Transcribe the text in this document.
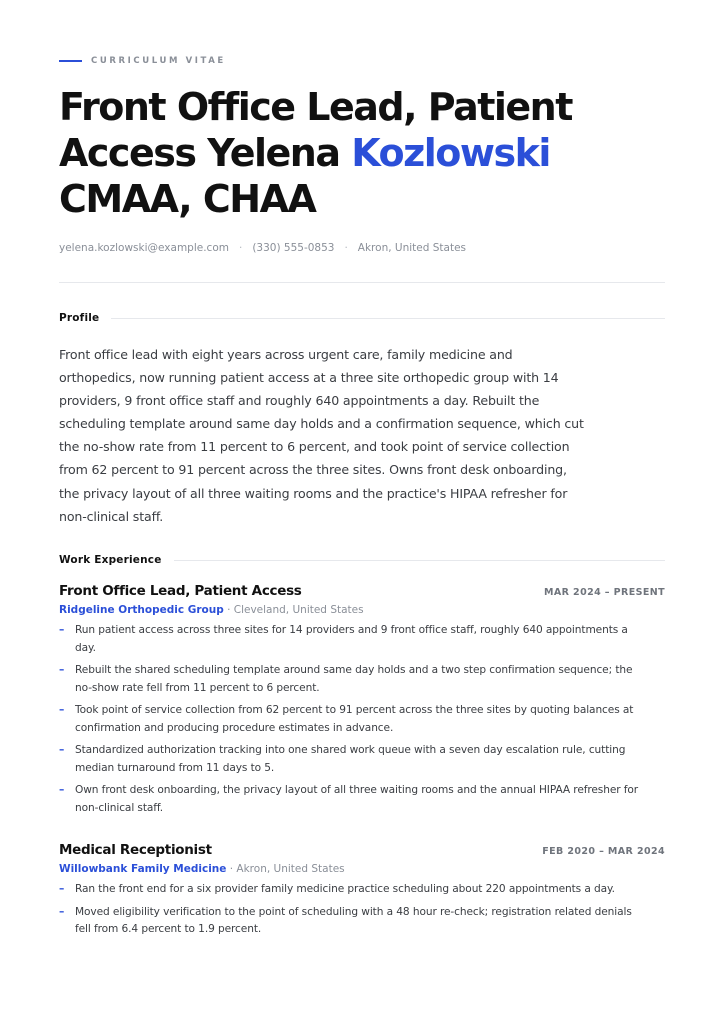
CURRICULUM VITAE
Front Office Lead, Patient Access Yelena Kozlowski CMAA, CHAA
yelena.kozlowski@example.com · (330) 555-0853 · Akron, United States
Profile

Front office lead with eight years across urgent care, family medicine and orthopedics, now running patient access at a three site orthopedic group with 14 providers, 9 front office staff and roughly 640 appointments a day. Rebuilt the scheduling template around same day holds and a confirmation sequence, which cut the no-show rate from 11 percent to 6 percent, and took point of service collection from 62 percent to 91 percent across the three sites. Owns front desk onboarding, the privacy layout of all three waiting rooms and the practice's HIPAA refresher for non-clinical staff.

Work Experience
Front Office Lead, Patient Access	MAR 2024 – PRESENT
Ridgeline Orthopedic Group · Cleveland, United States
– Run patient access across three sites for 14 providers and 9 front office staff, roughly 640 appointments a day.
– Rebuilt the shared scheduling template around same day holds and a two step confirmation sequence; the no-show rate fell from 11 percent to 6 percent.
– Took point of service collection from 62 percent to 91 percent across the three sites by quoting balances at confirmation and producing procedure estimates in advance.
– Standardized authorization tracking into one shared work queue with a seven day escalation rule, cutting median turnaround from 11 days to 5.
– Own front desk onboarding, the privacy layout of all three waiting rooms and the annual HIPAA refresher for non-clinical staff.
Medical Receptionist	FEB 2020 – MAR 2024
Willowbank Family Medicine · Akron, United States
– Ran the front end for a six provider family medicine practice scheduling about 220 appointments a day.
– Moved eligibility verification to the point of scheduling with a 48 hour re-check; registration related denials fell from 6.4 percent to 1.9 percent.
